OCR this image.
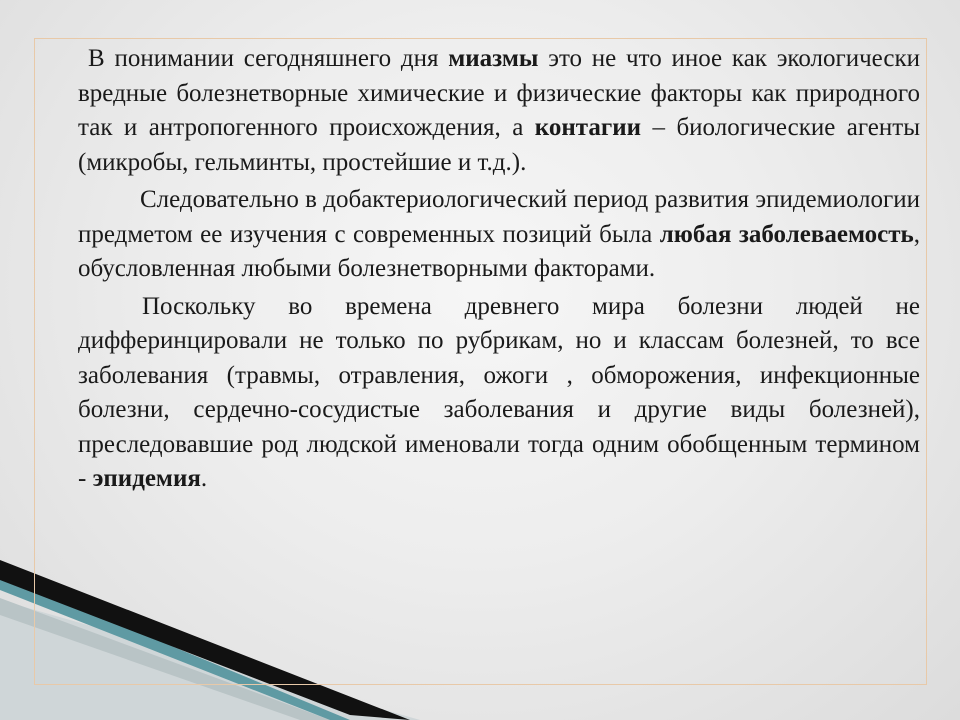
В понимании сегодняшнего дня миазмы это не что иное как экологически вредные болезнетворные химические и физические факторы как природного так и антропогенного происхождения, а контагии – биологические агенты (микробы, гельминты, простейшие и т.д.).

Следовательно в добактериологический период развития эпидемиологии предметом ее изучения с современных позиций была любая заболеваемость, обусловленная любыми болезнетворными факторами.

Поскольку во времена древнего мира болезни людей не дифферинцировали не только по рубрикам, но и классам болезней, то все заболевания (травмы, отравления, ожоги , обморожения, инфекционные болезни, сердечно-сосудистые заболевания и другие виды болезней), преследовавшие род людской именовали тогда одним обобщенным термином - эпидемия.
